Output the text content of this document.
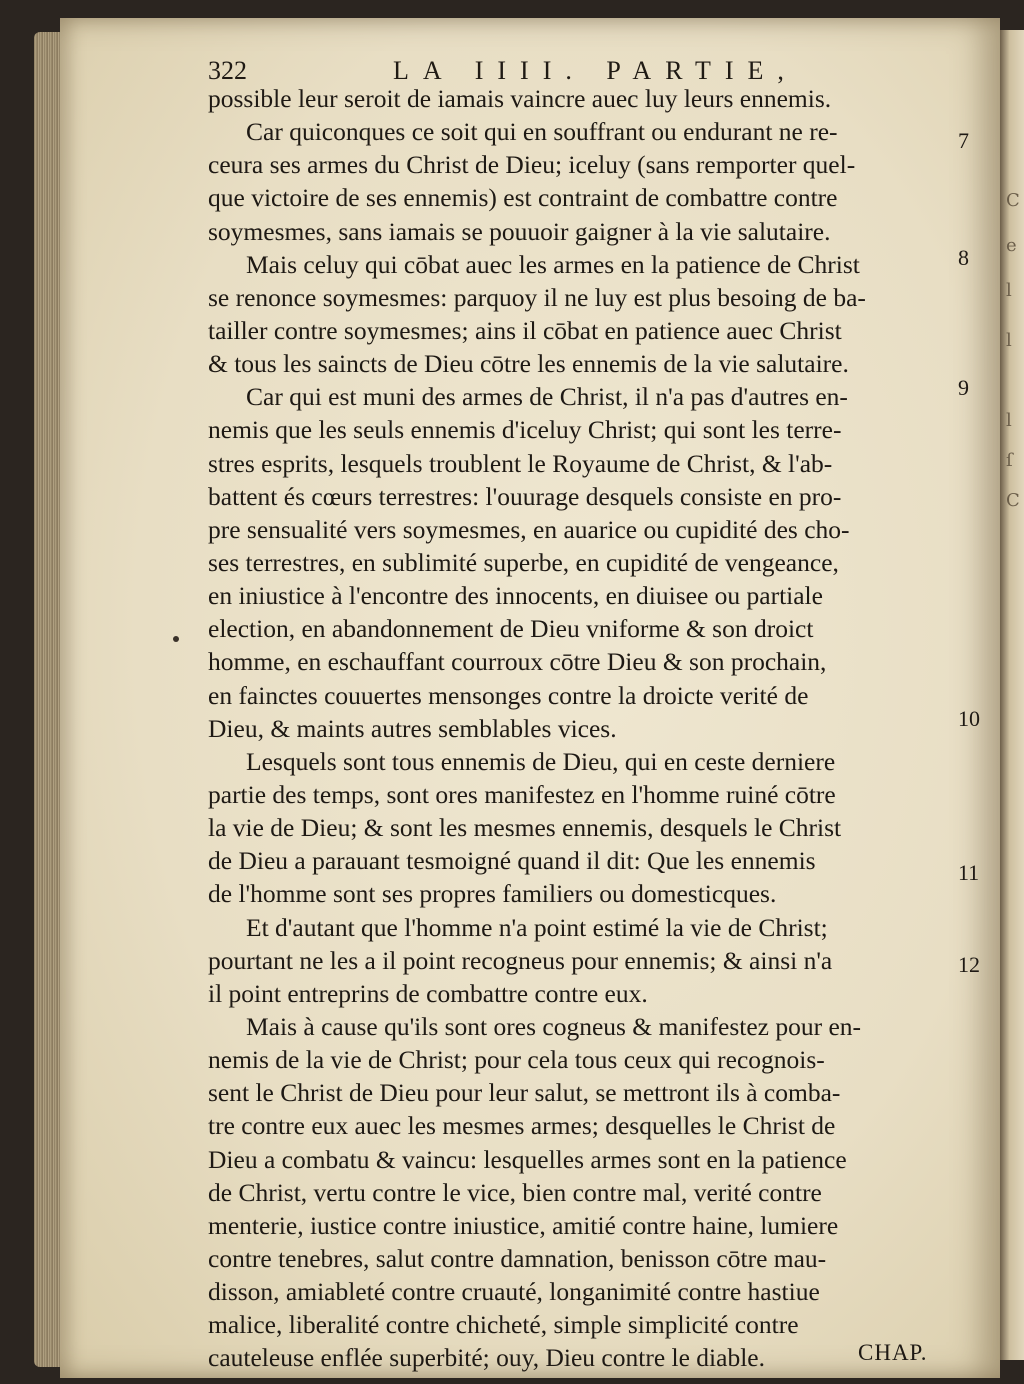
C
e
l
l
l
ſ
C
322	LA IIII. PARTIE,
possible leur seroit de iamais vaincre auec luy leurs ennemis.
Car quiconques ce soit qui en souffrant ou endurant ne re-
ceura ses armes du Christ de Dieu; iceluy (sans remporter quel-
que victoire de ses ennemis) est contraint de combattre contre
soymesmes, sans iamais se pouuoir gaigner à la vie salutaire.
Mais celuy qui cōbat auec les armes en la patience de Christ
se renonce soymesmes: parquoy il ne luy est plus besoing de ba-
tailler contre soymesmes; ains il cōbat en patience auec Christ
& tous les saincts de Dieu cōtre les ennemis de la vie salutaire.
Car qui est muni des armes de Christ, il n'a pas d'autres en-
nemis que les seuls ennemis d'iceluy Christ; qui sont les terre-
stres esprits, lesquels troublent le Royaume de Christ, & l'ab-
battent és cœurs terrestres: l'ouurage desquels consiste en pro-
pre sensualité vers soymesmes, en auarice ou cupidité des cho-
ses terrestres, en sublimité superbe, en cupidité de vengeance,
en iniustice à l'encontre des innocents, en diuisee ou partiale
election, en abandonnement de Dieu vniforme & son droict
homme, en eschauffant courroux cōtre Dieu & son prochain,
en fainctes couuertes mensonges contre la droicte verité de
Dieu, & maints autres semblables vices.
Lesquels sont tous ennemis de Dieu, qui en ceste derniere
partie des temps, sont ores manifestez en l'homme ruiné cōtre
la vie de Dieu; & sont les mesmes ennemis, desquels le Christ
de Dieu a parauant tesmoigné quand il dit: Que les ennemis
de l'homme sont ses propres familiers ou domesticques.
Et d'autant que l'homme n'a point estimé la vie de Christ;
pourtant ne les a il point recogneus pour ennemis; & ainsi n'a
il point entreprins de combattre contre eux.
Mais à cause qu'ils sont ores cogneus & manifestez pour en-
nemis de la vie de Christ; pour cela tous ceux qui recognois-
sent le Christ de Dieu pour leur salut, se mettront ils à comba-
tre contre eux auec les mesmes armes; desquelles le Christ de
Dieu a combatu & vaincu: lesquelles armes sont en la patience
de Christ, vertu contre le vice, bien contre mal, verité contre
menterie, iustice contre iniustice, amitié contre haine, lumiere
contre tenebres, salut contre damnation, benisson cōtre mau-
disson, amiableté contre cruauté, longanimité contre hastiue
malice, liberalité contre chicheté, simple simplicité contre
cauteleuse enflée superbité; ouy, Dieu contre le diable.
7
8
9
10
11
12
CHAP.
